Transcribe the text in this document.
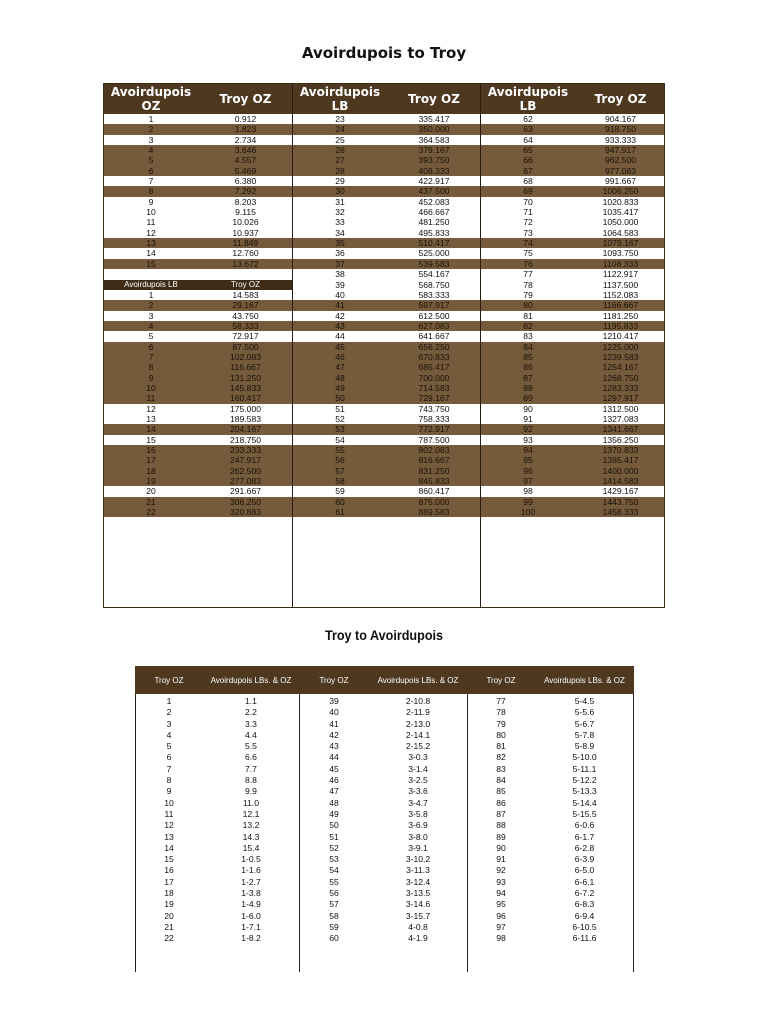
Avoirdupois to Troy
Avoirdupois OZ	Troy OZ
1	0.912
2	1.823
3	2.734
4	3.646
5	4.557
6	5.469
7	6.380
8	7.292
9	8.203
10	9.115
11	10.026
12	10.937
13	11.849
14	12.760
15	13.672
Avoirdupois LB	Troy OZ
1	14.583
2	29.167
3	43.750
4	58.333
5	72.917
6	87.500
7	102.083
8	116.667
9	131.250
10	145.833
11	160.417
12	175.000
13	189.583
14	204.167
15	218.750
16	233.333
17	247.917
18	262.500
19	277.083
20	291.667
21	306.250
22	320.883
Avoirdupois LB	Troy OZ
23	335.417
24	350.000
25	364.583
26	379.167
27	393.750
28	408.333
29	422.917
30	437.500
31	452.083
32	466.667
33	481.250
34	495.833
35	510.417
36	525.000
37	539.583
38	554.167
39	568.750
40	583.333
41	597.917
42	612.500
43	627.083
44	641.667
45	656.250
46	670.833
47	685.417
48	700.000
49	714.583
50	729.167
51	743.750
52	758.333
53	772.917
54	787.500
55	802.083
56	816.667
57	831.250
58	845.833
59	860.417
60	875.000
61	889.583
Avoirdupois LB	Troy OZ
62	904.167
63	918.750
64	933.333
65	947.917
66	962.500
67	977.083
68	991.667
69	1006.250
70	1020.833
71	1035.417
72	1050.000
73	1064.583
74	1079.167
75	1093.750
76	1108.333
77	1122.917
78	1137.500
79	1152.083
80	1166.667
81	1181.250
82	1195.833
83	1210.417
84	1225.000
85	1239.583
86	1254.167
87	1268.750
88	1283.333
89	1297.917
90	1312.500
91	1327.083
92	1341.667
93	1356.250
94	1370.833
95	1385.417
96	1400.000
97	1414.583
98	1429.167
99	1443.750
100	1458.333
Troy to Avoirdupois
Troy OZ	Avoirdupois LBs. & OZ	Troy OZ	Avoirdupois LBs. & OZ	Troy OZ	Avoirdupois LBs. & OZ
1	1.1
2	2.2
3	3.3
4	4.4
5	5.5
6	6.6
7	7.7
8	8.8
9	9.9
10	11.0
11	12.1
12	13.2
13	14.3
14	15.4
15	1-0.5
16	1-1.6
17	1-2.7
18	1-3.8
19	1-4.9
20	1-6.0
21	1-7.1
22	1-8.2
39	2-10.8
40	2-11.9
41	2-13.0
42	2-14.1
43	2-15.2
44	3-0.3
45	3-1.4
46	3-2.5
47	3-3.6
48	3-4.7
49	3-5.8
50	3-6.9
51	3-8.0
52	3-9.1
53	3-10.2
54	3-11.3
55	3-12.4
56	3-13.5
57	3-14.6
58	3-15.7
59	4-0.8
60	4-1.9
77	5-4.5
78	5-5.6
79	5-6.7
80	5-7.8
81	5-8.9
82	5-10.0
83	5-11.1
84	5-12.2
85	5-13.3
86	5-14.4
87	5-15.5
88	6-0.6
89	6-1.7
90	6-2.8
91	6-3.9
92	6-5.0
93	6-6.1
94	6-7.2
95	6-8.3
96	6-9.4
97	6-10.5
98	6-11.6
